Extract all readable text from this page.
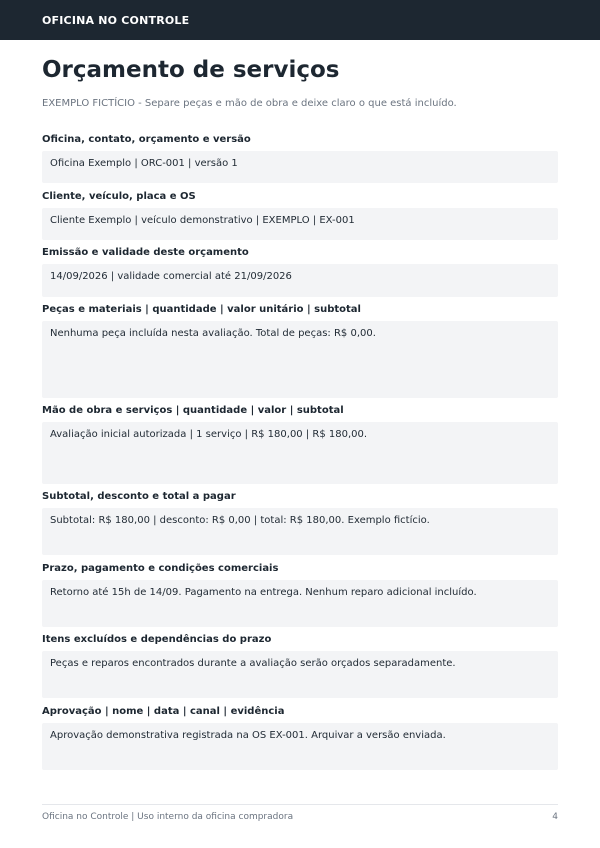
OFICINA NO CONTROLE
Orçamento de serviços
EXEMPLO FICTÍCIO - Separe peças e mão de obra e deixe claro o que está incluído.
Oficina, contato, orçamento e versão
Oficina Exemplo | ORC-001 | versão 1
Cliente, veículo, placa e OS
Cliente Exemplo | veículo demonstrativo | EXEMPLO | EX-001
Emissão e validade deste orçamento
14/09/2026 | validade comercial até 21/09/2026
Peças e materiais | quantidade | valor unitário | subtotal
Nenhuma peça incluída nesta avaliação. Total de peças: R$ 0,00.
Mão de obra e serviços | quantidade | valor | subtotal
Avaliação inicial autorizada | 1 serviço | R$ 180,00 | R$ 180,00.
Subtotal, desconto e total a pagar
Subtotal: R$ 180,00 | desconto: R$ 0,00 | total: R$ 180,00. Exemplo fictício.
Prazo, pagamento e condições comerciais
Retorno até 15h de 14/09. Pagamento na entrega. Nenhum reparo adicional incluído.
Itens excluídos e dependências do prazo
Peças e reparos encontrados durante a avaliação serão orçados separadamente.
Aprovação | nome | data | canal | evidência
Aprovação demonstrativa registrada na OS EX-001. Arquivar a versão enviada.
Oficina no Controle | Uso interno da oficina compradora	4
